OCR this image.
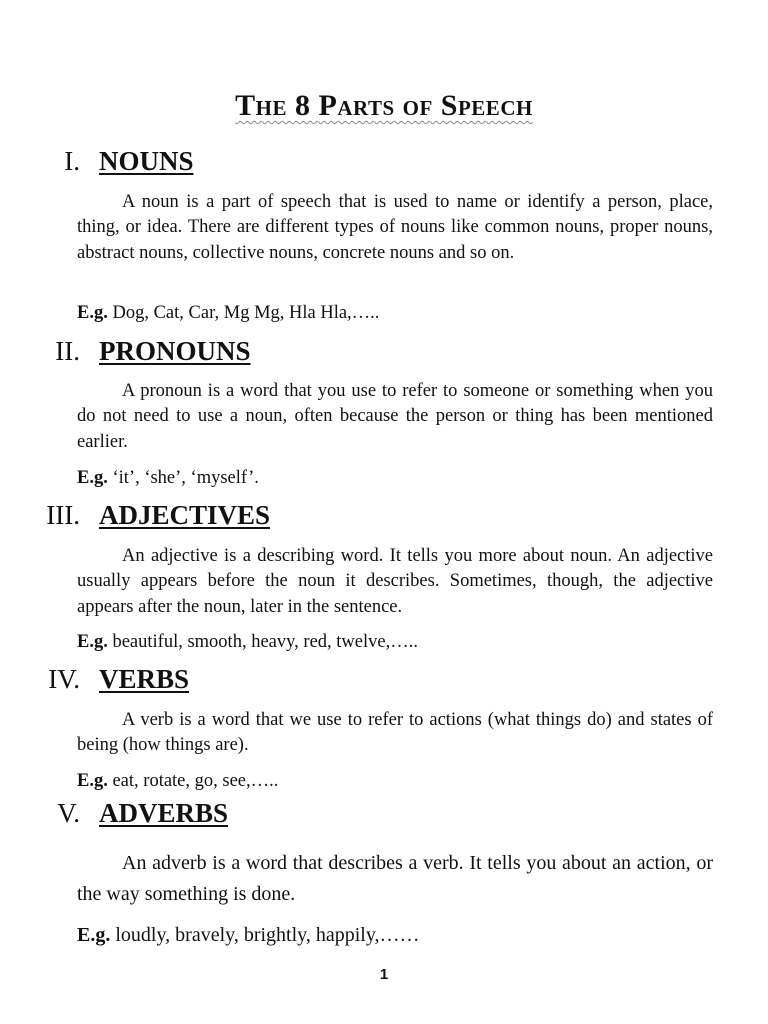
The 8 Parts of Speech
I. NOUNS

A noun is a part of speech that is used to name or identify a person, place, thing, or idea. There are different types of nouns like common nouns, proper nouns, abstract nouns, collective nouns, concrete nouns and so on.

E.g. Dog, Cat, Car, Mg Mg, Hla Hla,…..
II. PRONOUNS

A pronoun is a word that you use to refer to someone or something when you do not need to use a noun, often because the person or thing has been mentioned earlier.

E.g. ‘it’, ‘she’, ‘myself’.
III. ADJECTIVES

An adjective is a describing word. It tells you more about noun. An adjective usually appears before the noun it describes. Sometimes, though, the adjective appears after the noun, later in the sentence.

E.g. beautiful, smooth, heavy, red, twelve,…..
IV. VERBS

A verb is a word that we use to refer to actions (what things do) and states of being (how things are).

E.g. eat, rotate, go, see,…..
V. ADVERBS

An adverb is a word that describes a verb. It tells you about an action, or the way something is done.

E.g. loudly, bravely, brightly, happily,……
1
